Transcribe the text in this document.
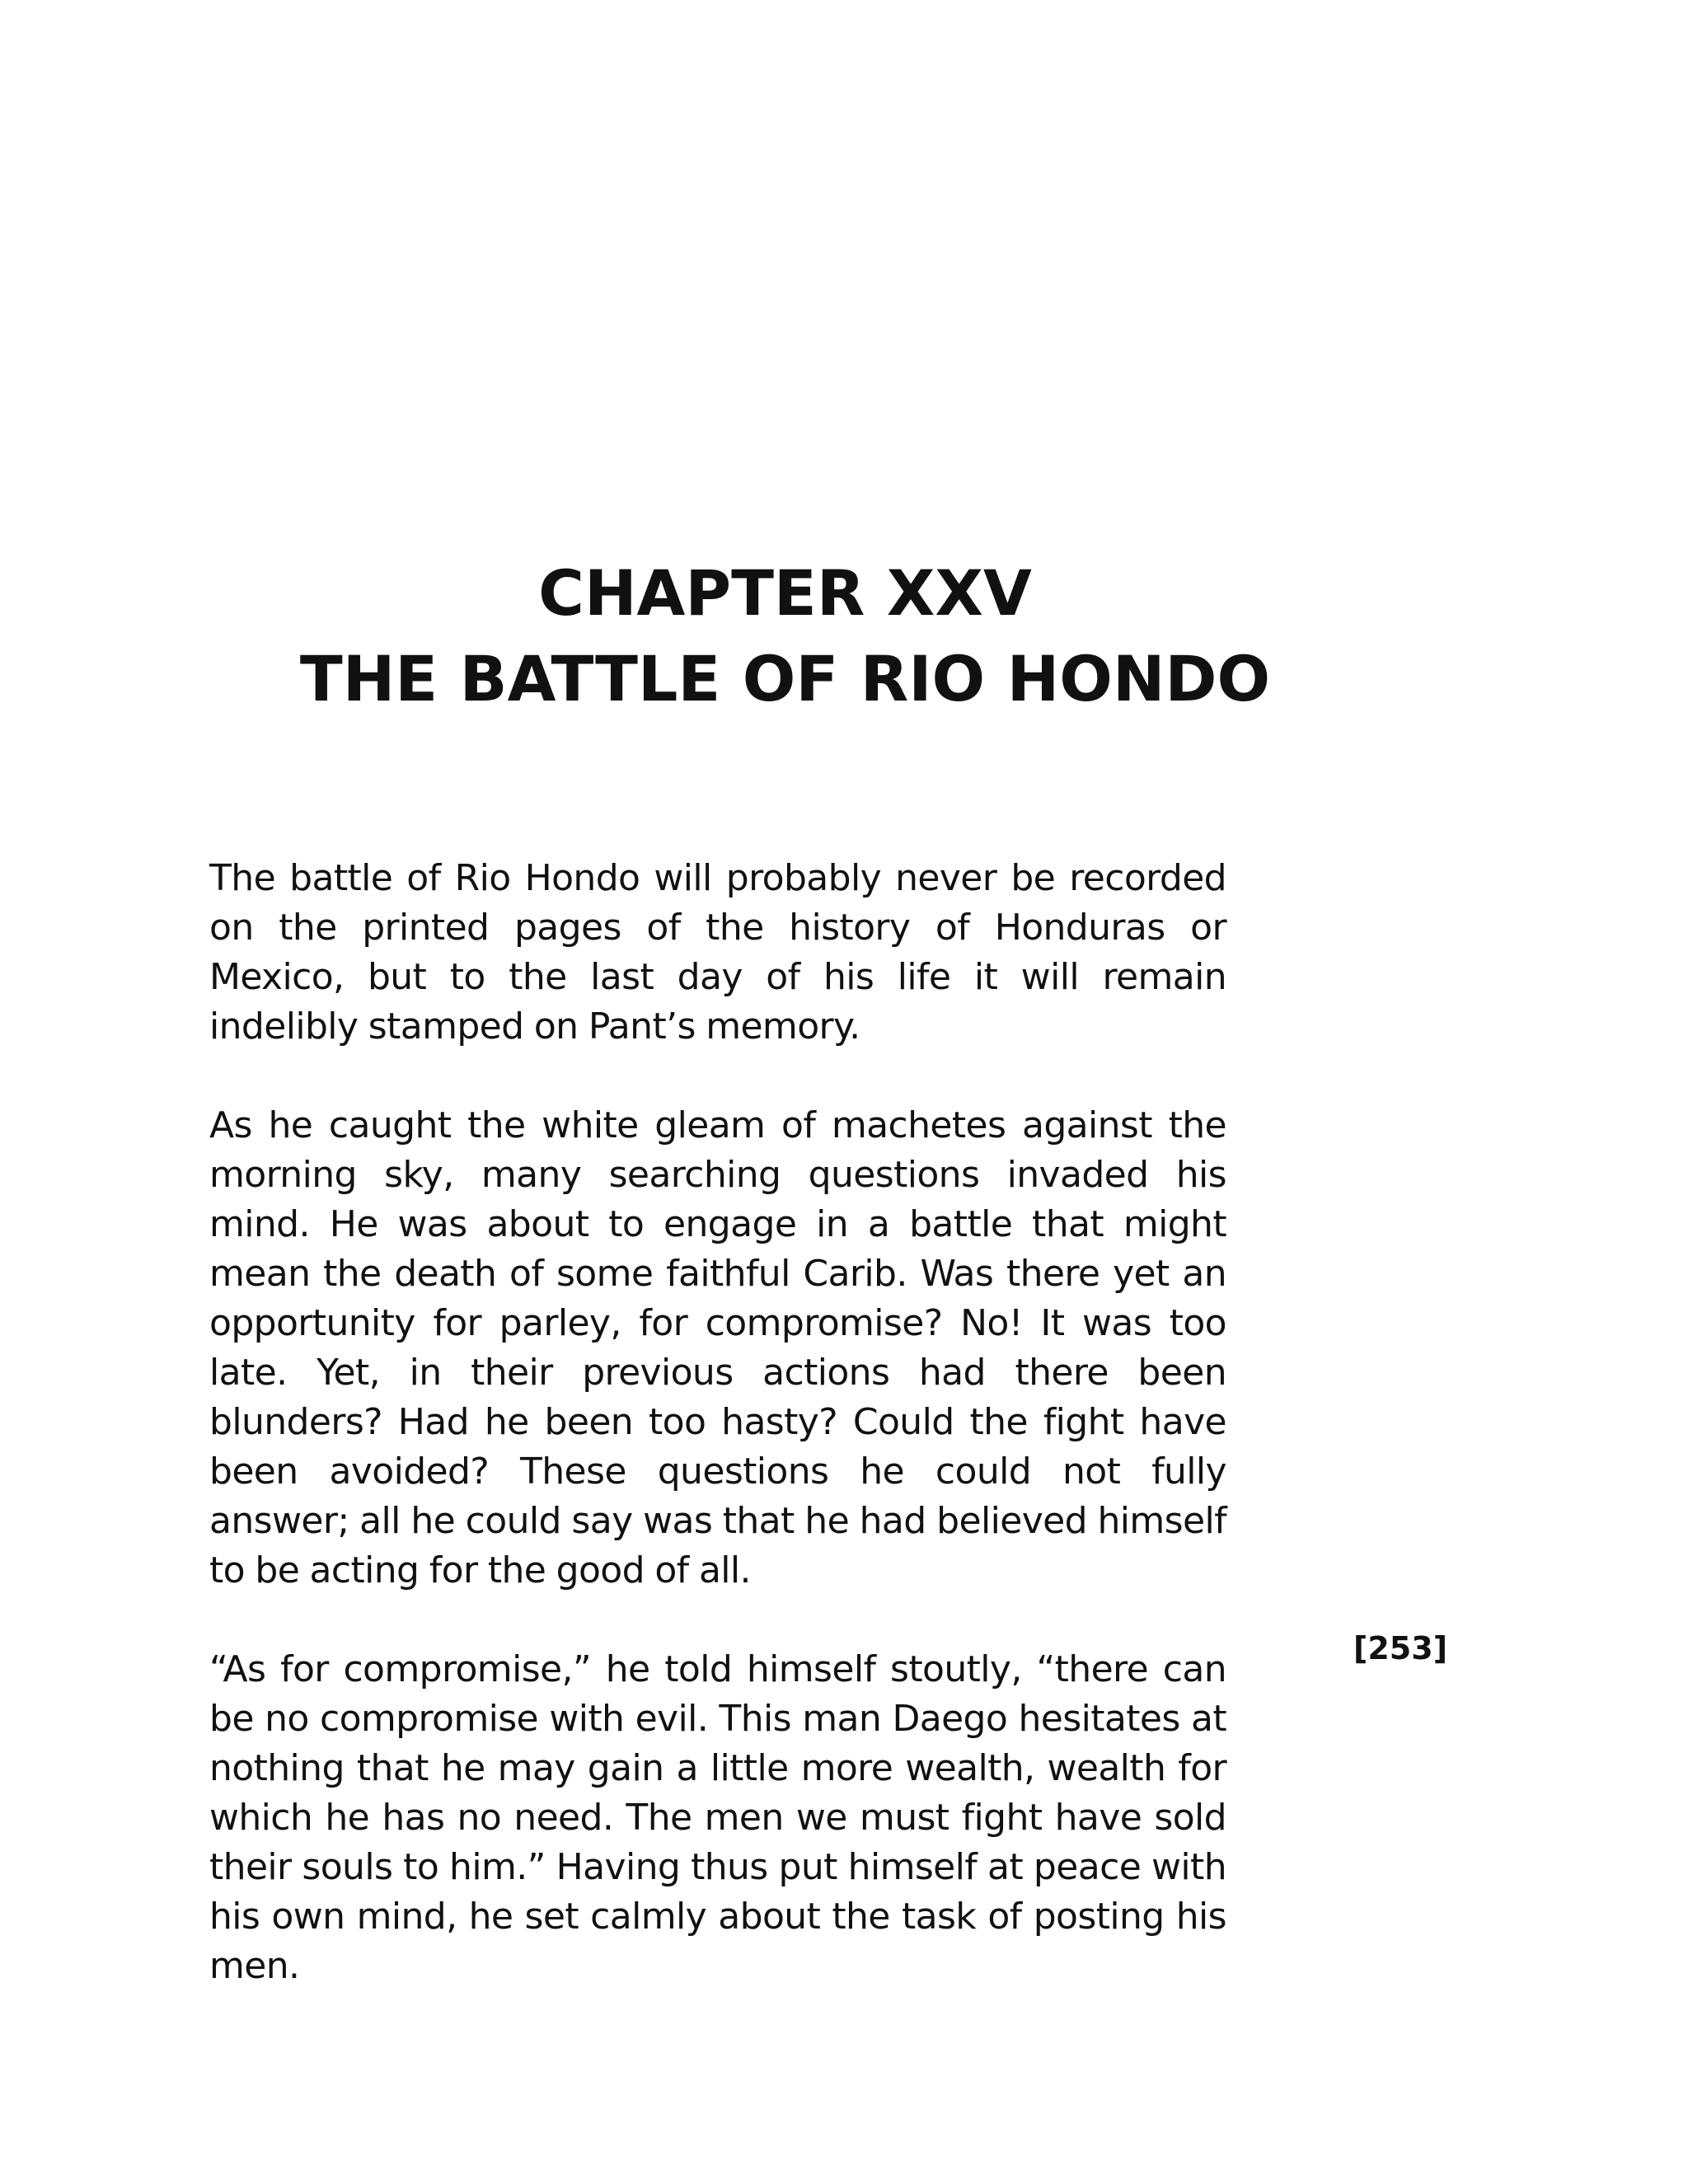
CHAPTER XXV
THE BATTLE OF RIO HONDO

The battle of Rio Hondo will probably never be recorded on the printed pages of the history of Honduras or Mexico, but to the last day of his life it will remain indelibly stamped on Pant’s memory.

As he caught the white gleam of machetes against the morning sky, many searching questions invaded his mind. He was about to engage in a battle that might mean the death of some faithful Carib. Was there yet an opportunity for parley, for compromise? No! It was too late. Yet, in their previous actions had there been blunders? Had he been too hasty? Could the fight have been avoided? These questions he could not fully answer; all he could say was that he had believed himself to be acting for the good of all.

“As for compromise,” he told himself stoutly, “there can be no compromise with evil. This man Daego hesitates at nothing that he may gain a little more wealth, wealth for which he has no need. The men we must fight have sold their souls to him.” Having thus put himself at peace with his own mind, he set calmly about the task of posting his men.

[253]
